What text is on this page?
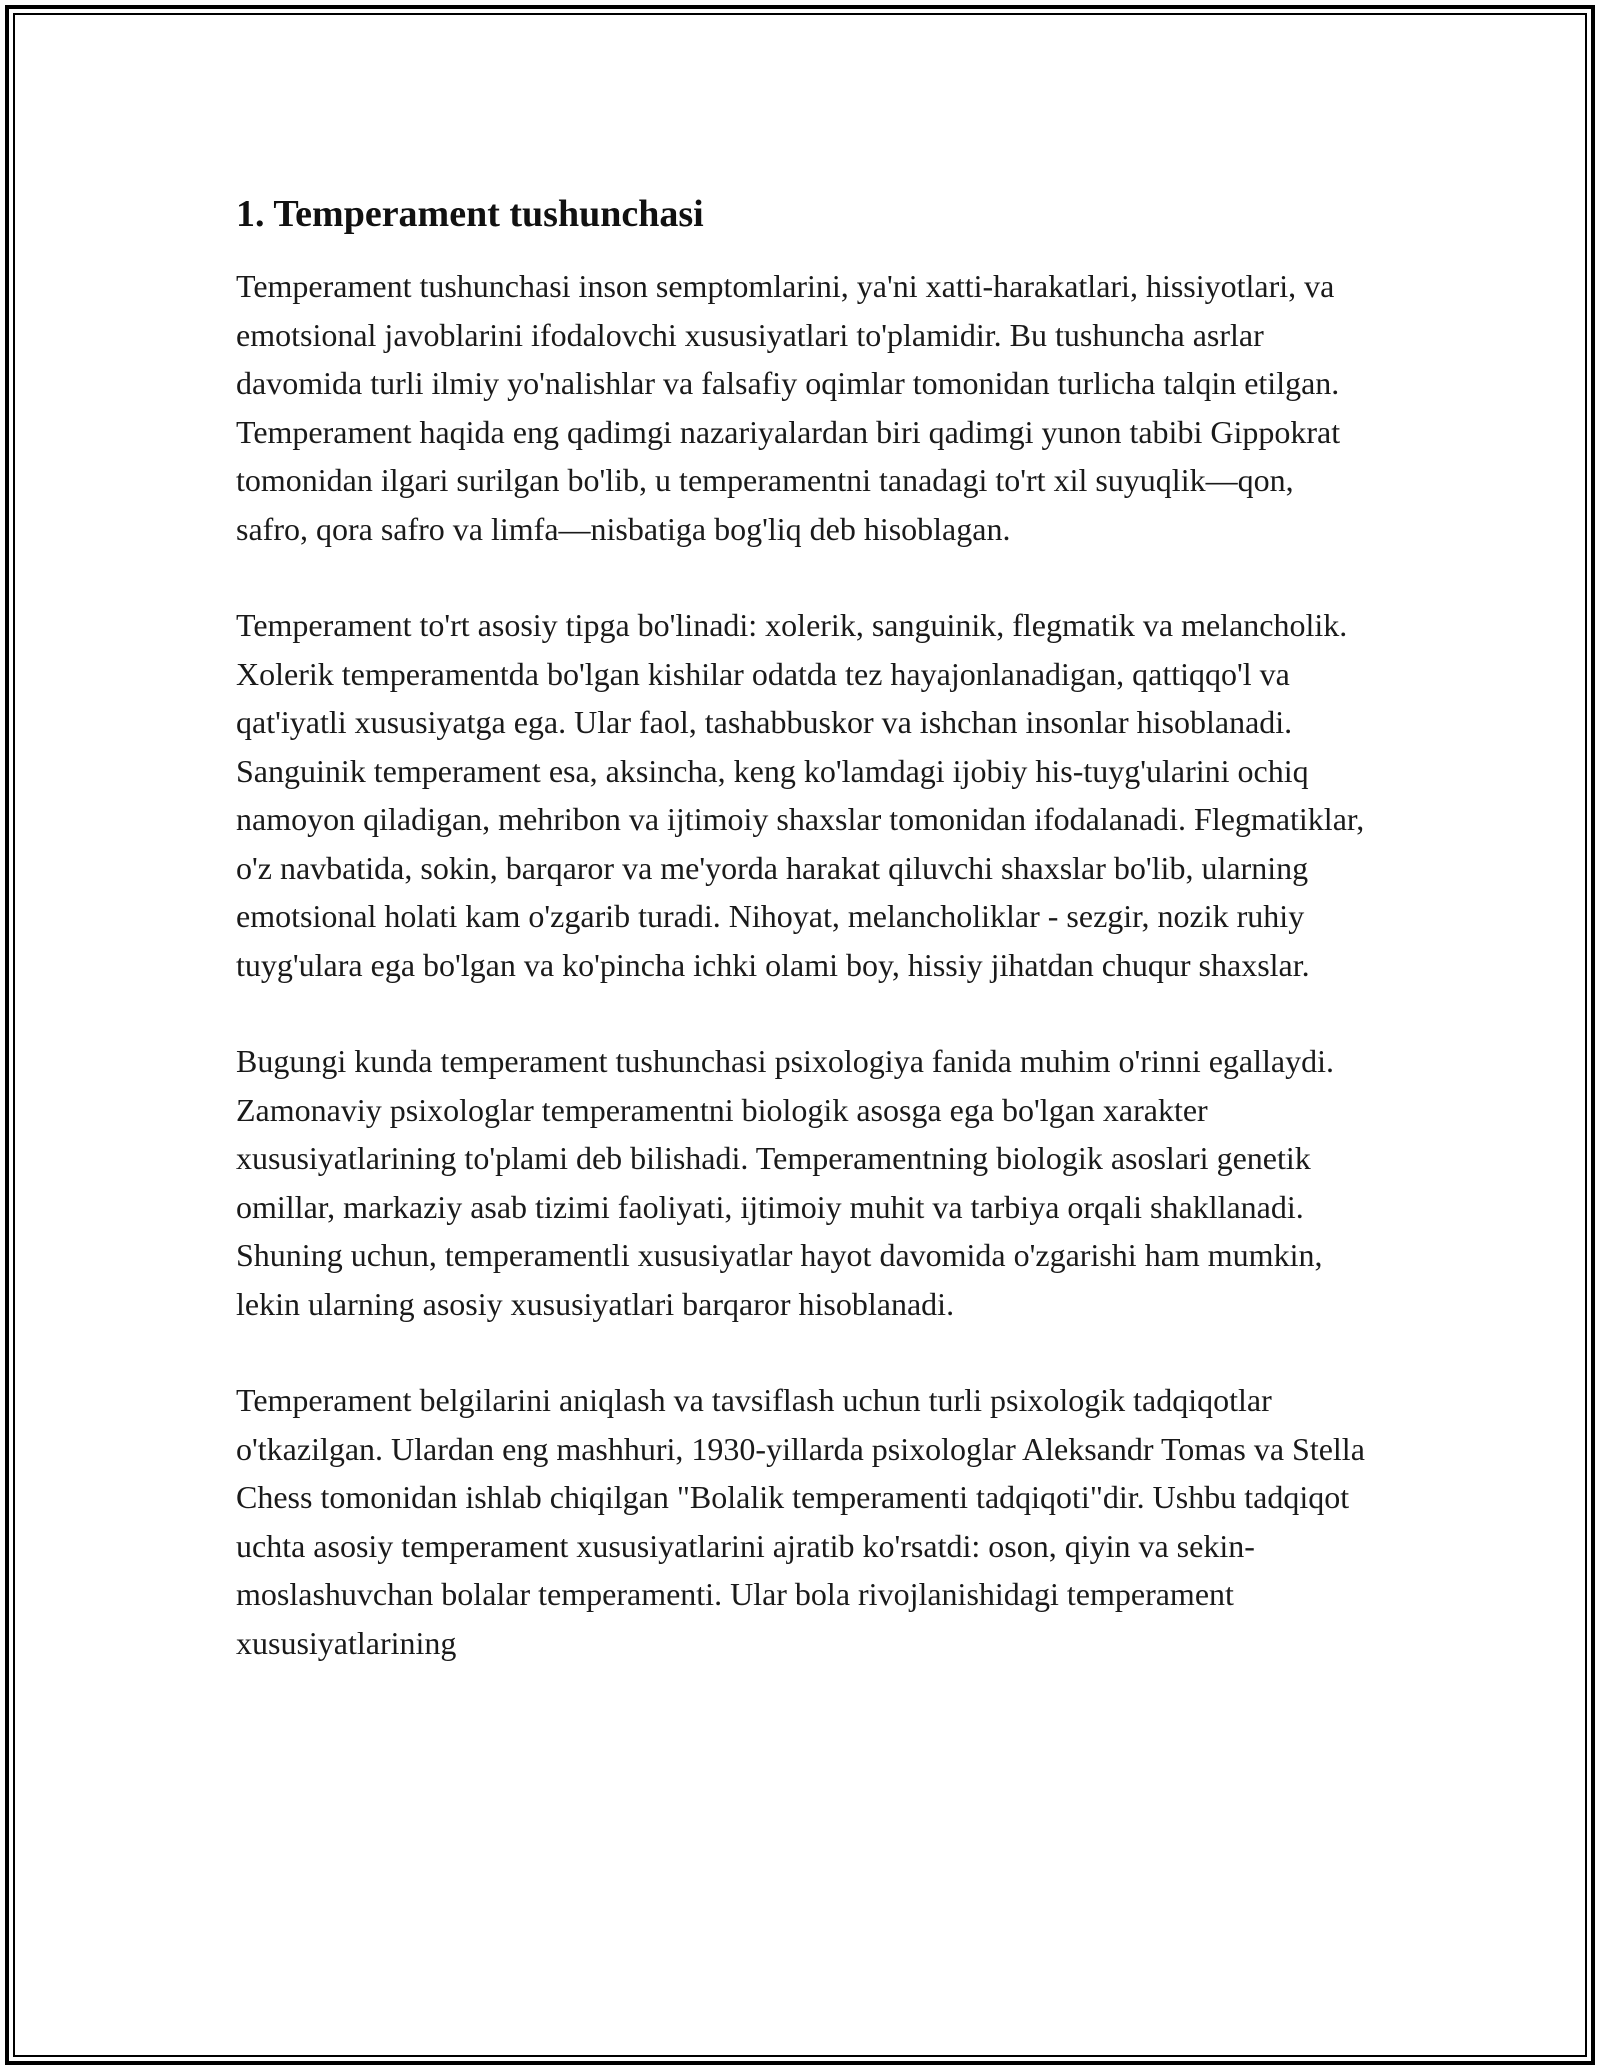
1. Temperament tushunchasi

Temperament tushunchasi inson semptomlarini, ya'ni xatti-harakatlari, hissiyotlari, va emotsional javoblarini ifodalovchi xususiyatlari to'plamidir. Bu tushuncha asrlar davomida turli ilmiy yo'nalishlar va falsafiy oqimlar tomonidan turlicha talqin etilgan. Temperament haqida eng qadimgi nazariyalardan biri qadimgi yunon tabibi Gippokrat tomonidan ilgari surilgan bo'lib, u temperamentni tanadagi to'rt xil suyuqlik—qon, safro, qora safro va limfa—nisbatiga bog'liq deb hisoblagan.

Temperament to'rt asosiy tipga bo'linadi: xolerik, sanguinik, flegmatik va melancholik. Xolerik temperamentda bo'lgan kishilar odatda tez hayajonlanadigan, qattiqqo'l va qat'iyatli xususiyatga ega. Ular faol, tashabbuskor va ishchan insonlar hisoblanadi. Sanguinik temperament esa, aksincha, keng ko'lamdagi ijobiy his-tuyg'ularini ochiq namoyon qiladigan, mehribon va ijtimoiy shaxslar tomonidan ifodalanadi. Flegmatiklar, o'z navbatida, sokin, barqaror va me'yorda harakat qiluvchi shaxslar bo'lib, ularning emotsional holati kam o'zgarib turadi. Nihoyat, melancholiklar - sezgir, nozik ruhiy tuyg'ulara ega bo'lgan va ko'pincha ichki olami boy, hissiy jihatdan chuqur shaxslar.

Bugungi kunda temperament tushunchasi psixologiya fanida muhim o'rinni egallaydi. Zamonaviy psixologlar temperamentni biologik asosga ega bo'lgan xarakter xususiyatlarining to'plami deb bilishadi. Temperamentning biologik asoslari genetik omillar, markaziy asab tizimi faoliyati, ijtimoiy muhit va tarbiya orqali shakllanadi. Shuning uchun, temperamentli xususiyatlar hayot davomida o'zgarishi ham mumkin, lekin ularning asosiy xususiyatlari barqaror hisoblanadi.

Temperament belgilarini aniqlash va tavsiflash uchun turli psixologik tadqiqotlar o'tkazilgan. Ulardan eng mashhuri, 1930-yillarda psixologlar Aleksandr Tomas va Stella Chess tomonidan ishlab chiqilgan "Bolalik temperamenti tadqiqoti"dir. Ushbu tadqiqot uchta asosiy temperament xususiyatlarini ajratib ko'rsatdi: oson, qiyin va sekin-moslashuvchan bolalar temperamenti. Ular bola rivojlanishidagi temperament xususiyatlarining
